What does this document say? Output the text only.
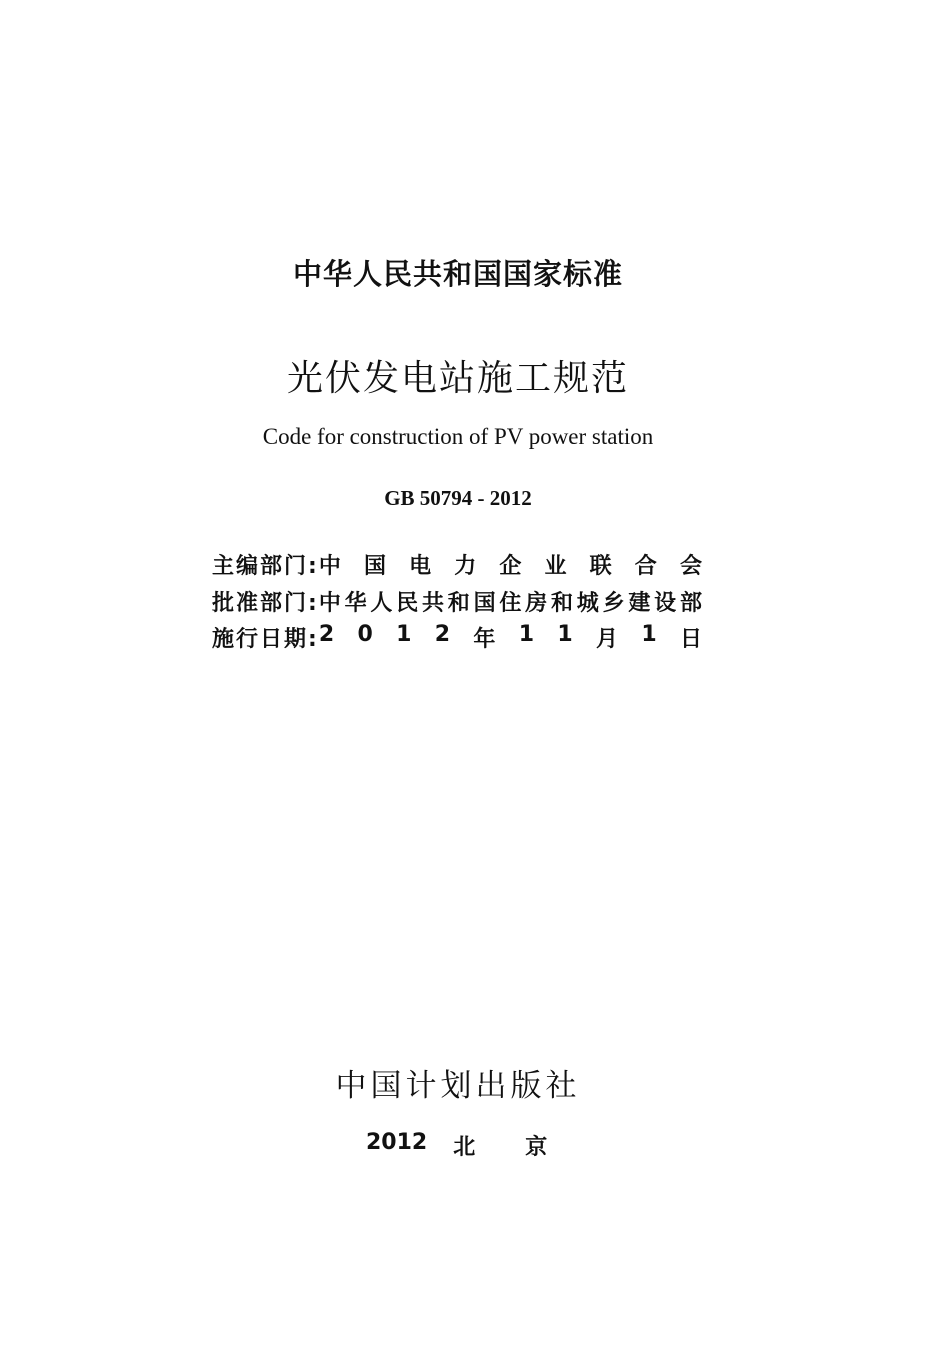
中华人民共和国国家标准
光伏发电站施工规范
Code for construction of PV power station
GB 50794 - 2012
主编部门: 中 国 电 力 企 业 联 合 会
批准部门: 中 华 人 民 共 和 国 住 房 和 城 乡 建 设 部
施行日期: 2 0 1 2 年 1 1 月 1 日
中国计划出版社
2012 北京
